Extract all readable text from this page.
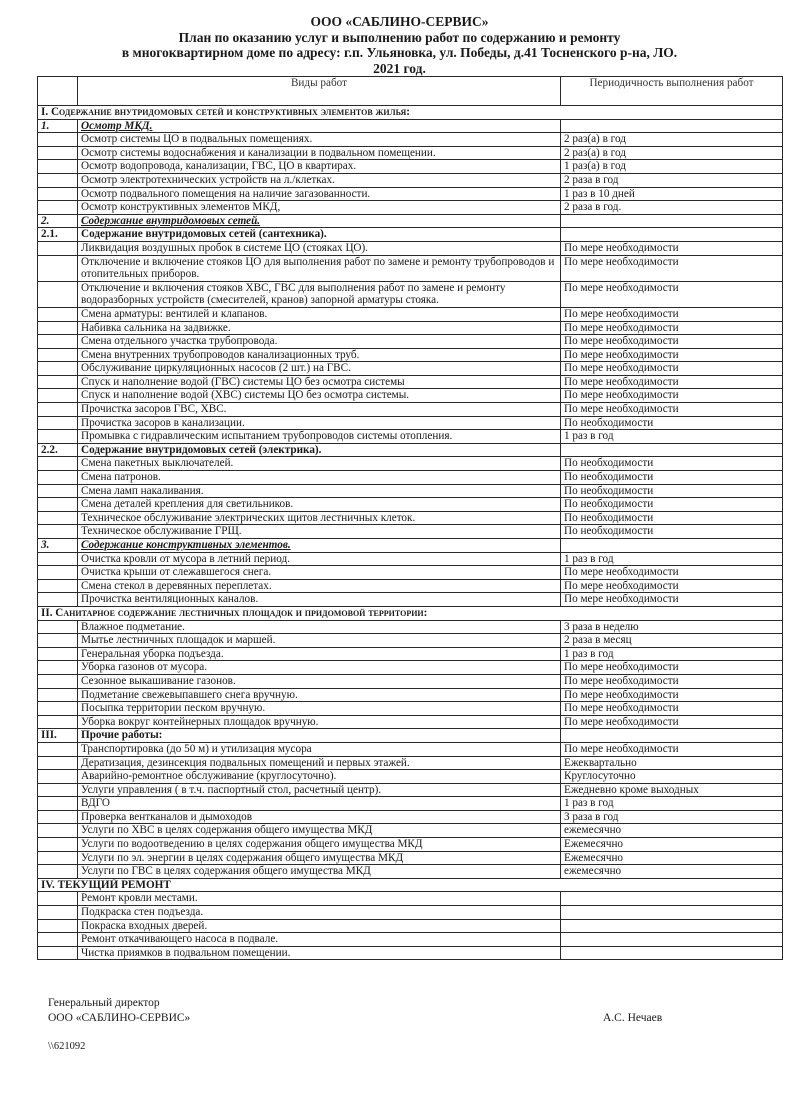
ООО «САБЛИНО-СЕРВИС»
План по оказанию услуг и выполнению работ по содержанию и ремонту
в многоквартирном доме по адресу: г.п. Ульяновка, ул. Победы, д.41 Тосненского р-на, ЛО.
2021 год.
	Виды работ	Периодичность выполнения работ
I. Содержание внутридомовых сетей и конструктивных элементов жилья:		
1.	Осмотр МКД.	
	Осмотр системы ЦО в подвальных помещениях.	2 раз(а) в год
	Осмотр системы водоснабжения и канализации в подвальном помещении.	2 раз(а) в год
	Осмотр водопровода, канализации, ГВС, ЦО в квартирах.	1 раз(а) в год
	Осмотр электротехнических устройств на л./клетках.	2 раза в год
	Осмотр подвального помещения на наличие загазованности.	1 раз в 10 дней
	Осмотр конструктивных элементов МКД,	2 раза в год.
2.	Содержание внутридомовых сетей.	
2.1.	Содержание внутридомовых сетей (сантехника).	
	Ликвидация воздушных пробок в системе ЦО (стояках ЦО).	По мере необходимости
	Отключение и включение стояков ЦО для выполнения работ по замене и ремонту трубопроводов и отопительных приборов.	По мере необходимости
	Отключение и включения стояков ХВС, ГВС для выполнения работ по замене и ремонту водоразборных устройств (смесителей, кранов) запорной арматуры стояка.	По мере необходимости
	Смена арматуры: вентилей и клапанов.	По мере необходимости
	Набивка сальника на задвижке.	По мере необходимости
	Смена отдельного участка трубопровода.	По мере необходимости
	Смена внутренних трубопроводов канализационных труб.	По мере необходимости
	Обслуживание циркуляционных насосов (2 шт.) на ГВС.	По мере необходимости
	Спуск и наполнение водой (ГВС) системы ЦО без осмотра системы	По мере необходимости
	Спуск и наполнение водой (ХВС) системы ЦО без осмотра системы.	По мере необходимости
	Прочистка засоров ГВС, ХВС.	По мере необходимости
	Прочистка засоров в канализации.	По необходимости
	Промывка с гидравлическим испытанием трубопроводов системы отопления.	1 раз в год
2.2.	Содержание внутридомовых сетей (электрика).	
	Смена пакетных выключателей.	По необходимости
	Смена патронов.	По необходимости
	Смена ламп накаливания.	По необходимости
	Смена деталей крепления для светильников.	По необходимости
	Техническое обслуживание электрических щитов лестничных клеток.	По необходимости
	Техническое обслуживание ГРЩ.	По необходимости
3.	Содержание конструктивных элементов.	
	Очистка кровли от мусора в летний период.	1 раз в год
	Очистка крыши от слежавшегося снега.	По мере необходимости
	Смена стекол в деревянных переплетах.	По мере необходимости
	Прочистка вентиляционных каналов.	По мере необходимости
II. Санитарное содержание лестничных площадок и придомовой территории:		
	Влажное подметание.	3 раза в неделю
	Мытье лестничных площадок и маршей.	2 раза в месяц
	Генеральная уборка подъезда.	1 раз в год
	Уборка газонов от мусора.	По мере необходимости
	Сезонное выкашивание газонов.	По мере необходимости
	Подметание свежевыпавшего снега вручную.	По мере необходимости
	Посыпка территории песком вручную.	По мере необходимости
	Уборка вокруг контейнерных площадок вручную.	По мере необходимости
III.	Прочие работы:	
	Транспортировка (до 50 м) и утилизация мусора	По мере необходимости
	Дератизация, дезинсекция подвальных помещений и первых этажей.	Ежеквартально
	Аварийно-ремонтное обслуживание (круглосуточно).	Круглосуточно
	Услуги управления ( в т.ч. паспортный стол, расчетный центр).	Ежедневно кроме выходных
	ВДГО	1 раз в год
	Проверка вентканалов и дымоходов	3 раза в год
	Услуги по ХВС в целях содержания общего имущества МКД	ежемесячно
	Услуги по водоотведению в целях содержания общего имущества МКД	Ежемесячно
	Услуги по эл. энергии в целях содержания общего имущества МКД	Ежемесячно
	Услуги по ГВС в целях содержания общего имущества МКД	ежемесячно
IV. ТЕКУЩИЙ РЕМОНТ		
	Ремонт кровли местами.	
	Подкраска стен подъезда.	
	Покраска входных дверей.	
	Ремонт откачивающего насоса в подвале.	
	Чистка приямков в подвальном помещении.	
Генеральный директор
ООО «САБЛИНО-СЕРВИС»	А.С. Нечаев
\\621092
